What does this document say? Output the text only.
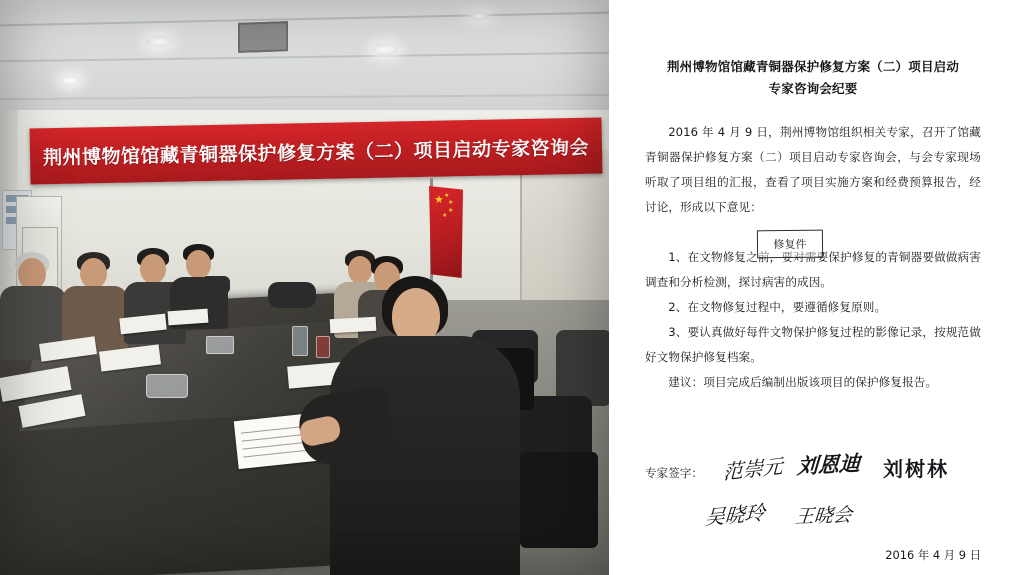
荆州博物馆馆藏青铜器保护修复方案（二）项目启动专家咨询会
★ ★
★
★
★
荆州博物馆馆藏青铜器保护修复方案（二）项目启动
专家咨询会纪要

2016 年 4 月 9 日，荆州博物馆组织相关专家，召开了馆藏青铜器保护修复方案（二）项目启动专家咨询会，与会专家现场听取了项目组的汇报，查看了项目实施方案和经费预算报告，经讨论，形成以下意见：

修复件

1、在文物修复之前，要对需要保护修复的青铜器要做做病害调查和分析检测，探讨病害的成因。

2、在文物修复过程中，要遵循修复原则。

3、要认真做好每件文物保护修复过程的影像记录，按规范做好文物保护修复档案。

建议：项目完成后编制出版该项目的保护修复报告。

专家签字： 范崇元 刘恩迪 刘树林
吴晓玲 王晓会
2016 年 4 月 9 日
